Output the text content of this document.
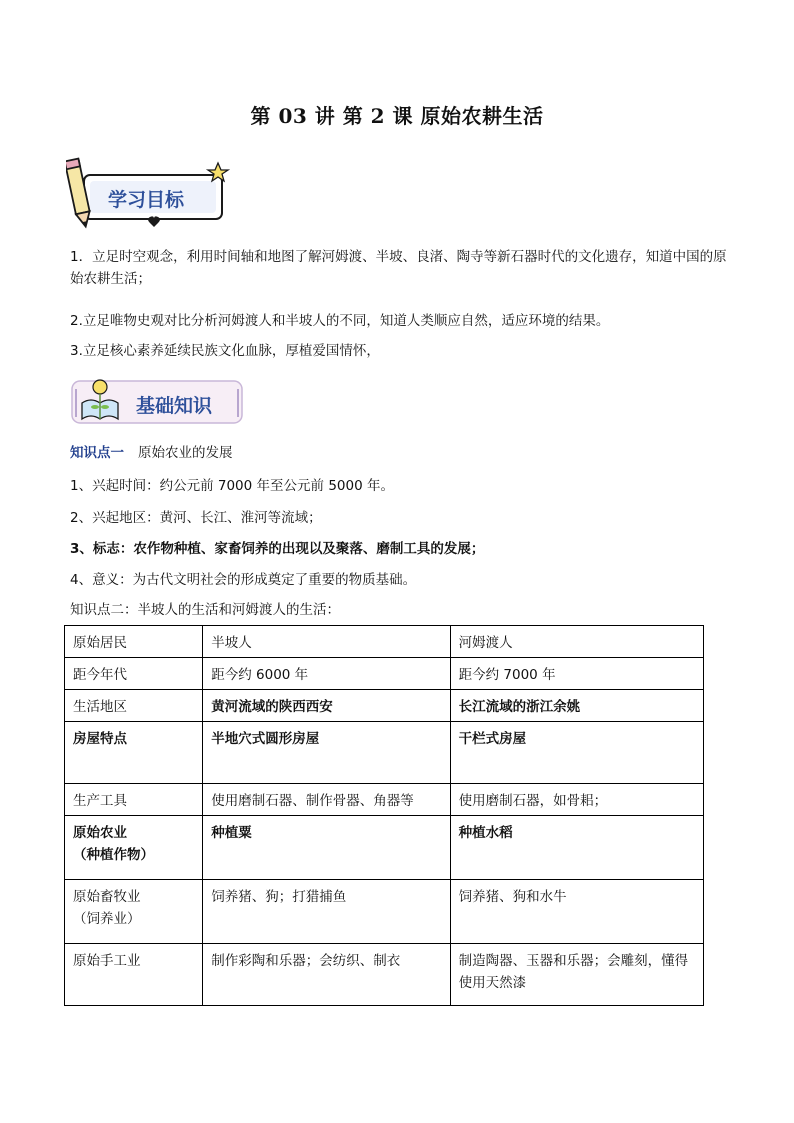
第 03 讲 第 2 课 原始农耕生活
学习目标
1．立足时空观念，利用时间轴和地图了解河姆渡、半坡、良渚、陶寺等新石器时代的文化遗存，知道中国的原始农耕生活；
2.立足唯物史观对比分析河姆渡人和半坡人的不同，知道人类顺应自然，适应环境的结果。
3.立足核心素养延续民族文化血脉，厚植爱国情怀，
基础知识
知识点一 原始农业的发展
1、兴起时间：约公元前 7000 年至公元前 5000 年。
2、兴起地区：黄河、长江、淮河等流域；
3、标志：农作物种植、家畜饲养的出现以及聚落、磨制工具的发展；
4、意义：为古代文明社会的形成奠定了重要的物质基础。
知识点二：半坡人的生活和河姆渡人的生活：
原始居民	半坡人	河姆渡人
距今年代	距今约 6000 年	距今约 7000 年
生活地区	黄河流域的陕西西安	长江流域的浙江余姚
房屋特点	半地穴式圆形房屋	干栏式房屋
生产工具	使用磨制石器、制作骨器、角器等	使用磨制石器，如骨耜；

原始农业
（种植作物）	种植粟	种植水稻

原始畜牧业
（饲养业）	饲养猪、狗；打猎捕鱼	饲养猪、狗和水牛
原始手工业	制作彩陶和乐器；会纺织、制衣	制造陶器、玉器和乐器；会雕刻，懂得使用天然漆
